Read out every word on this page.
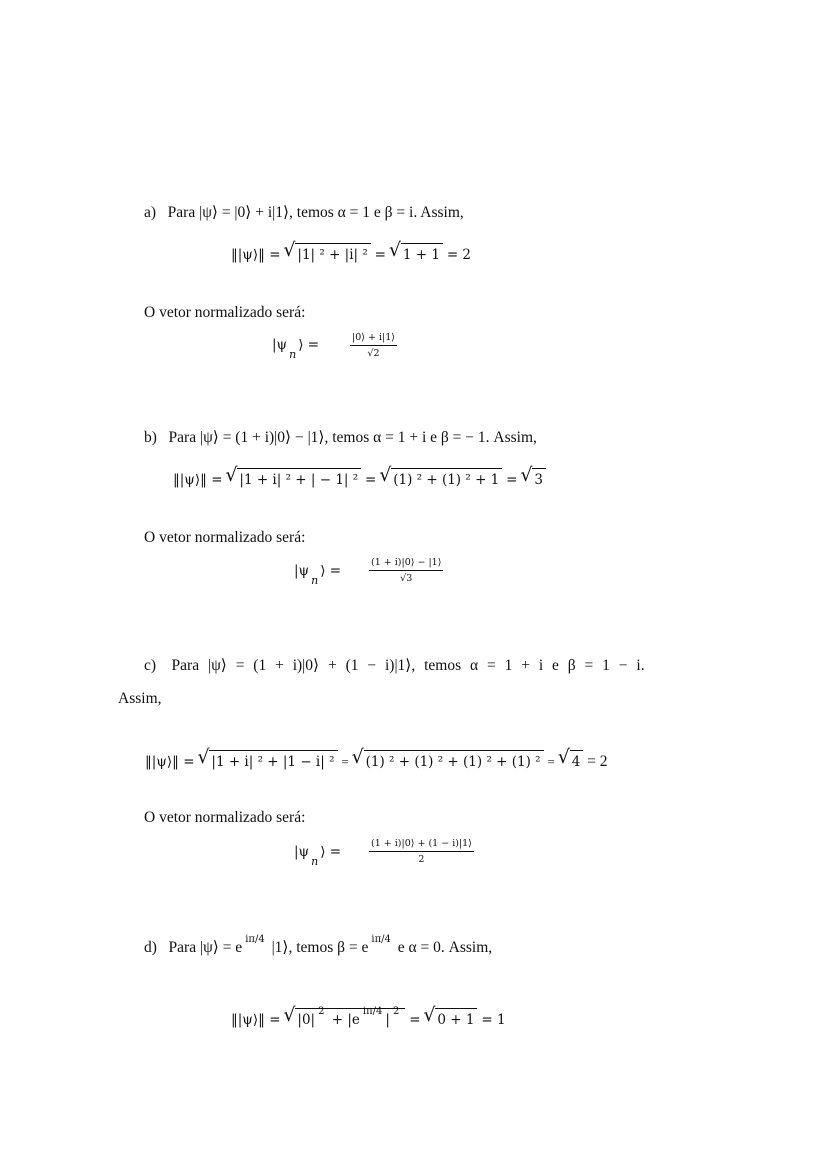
a) Para |ψ⟩ = |0⟩ + i|1⟩, temos α = 1 e β = i. Assim,
‖|ψ⟩‖ = √ |1| ² + |i| ² = √ 1 + 1 = 2
O vetor normalizado será:
$|\psi_n⟩$ =	$\frac{|0⟩ + i|1⟩}{√2}$
b) Para |ψ⟩ = (1 + i)|0⟩ − |1⟩, temos α = 1 + i e β = − 1. Assim,
‖|ψ⟩‖ = √ |1 + i| ² + | − 1| ² = √ (1) ² + (1) ² + 1 = √ 3
O vetor normalizado será:
$|\psi_n⟩$ =	$\frac{(1 + i)|0⟩ - |1⟩}{√3}$
c) Para |ψ⟩ = (1 + i)|0⟩ + (1 − i)|1⟩, temos α = 1 + i e β = 1 − i.
Assim,
‖|ψ⟩‖ = √ |1 + i| ² + |1 − i| ² = √ (1) ² + (1) ² + (1) ² + (1) ² = √ 4 = 2
O vetor normalizado será:
$|\psi_n⟩$ =	$\frac{(1 + i)|0⟩ + (1 - i)|1⟩}{2}$
d) Para |ψ⟩ = e $^{i\pi/4}$ |1⟩, temos β = e $^{i\pi/4}$ e α = 0. Assim,
‖|ψ⟩‖ = √ $|0|^2 + |e^{i\pi/4}|^2$ = √ 0 + 1 = 1
